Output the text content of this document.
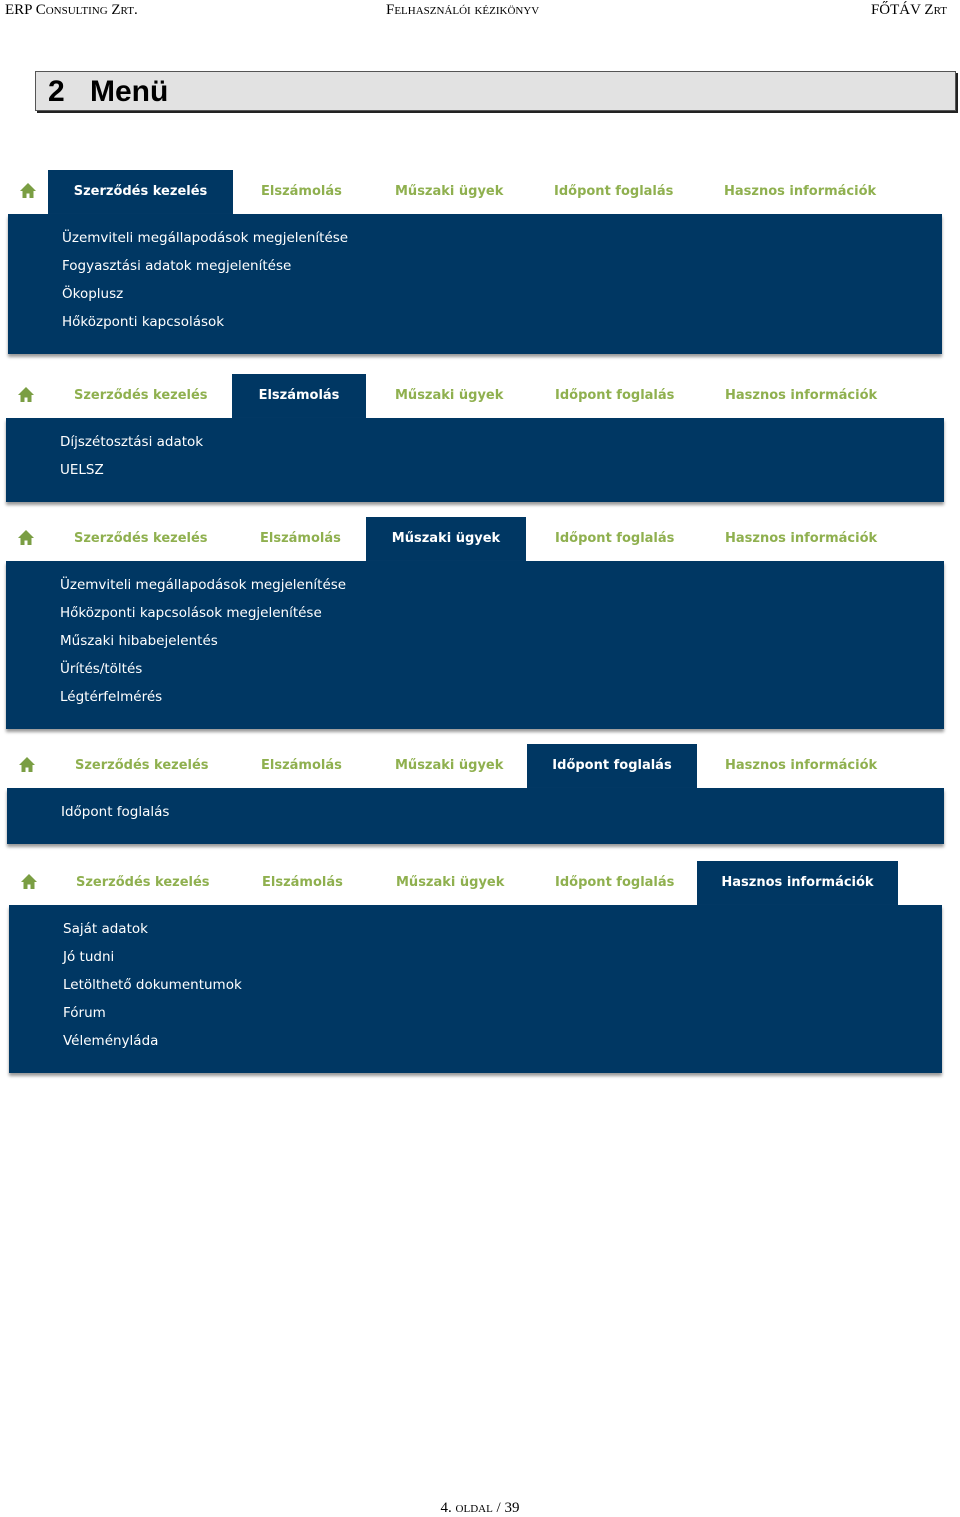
ERP Consulting Zrt.	Felhasználói kézikönyv	FŐTÁV Zrt
2 Menü
Szerződés kezelés	Elszámolás	Műszaki ügyek	Időpont foglalás	Hasznos információk
Üzemviteli megállapodások megjelenítése
Fogyasztási adatok megjelenítése
Ökoplusz
Hőközponti kapcsolások
Szerződés kezelés	Elszámolás	Műszaki ügyek	Időpont foglalás	Hasznos információk
Díjszétosztási adatok
UELSZ
Szerződés kezelés	Elszámolás	Műszaki ügyek	Időpont foglalás	Hasznos információk
Üzemviteli megállapodások megjelenítése
Hőközponti kapcsolások megjelenítése
Műszaki hibabejelentés
Ürítés/töltés
Légtérfelmérés
Szerződés kezelés	Elszámolás	Műszaki ügyek	Időpont foglalás	Hasznos információk
Időpont foglalás
Szerződés kezelés	Elszámolás	Műszaki ügyek	Időpont foglalás	Hasznos információk
Saját adatok
Jó tudni
Letölthető dokumentumok
Fórum
Véleményláda
4. oldal / 39
